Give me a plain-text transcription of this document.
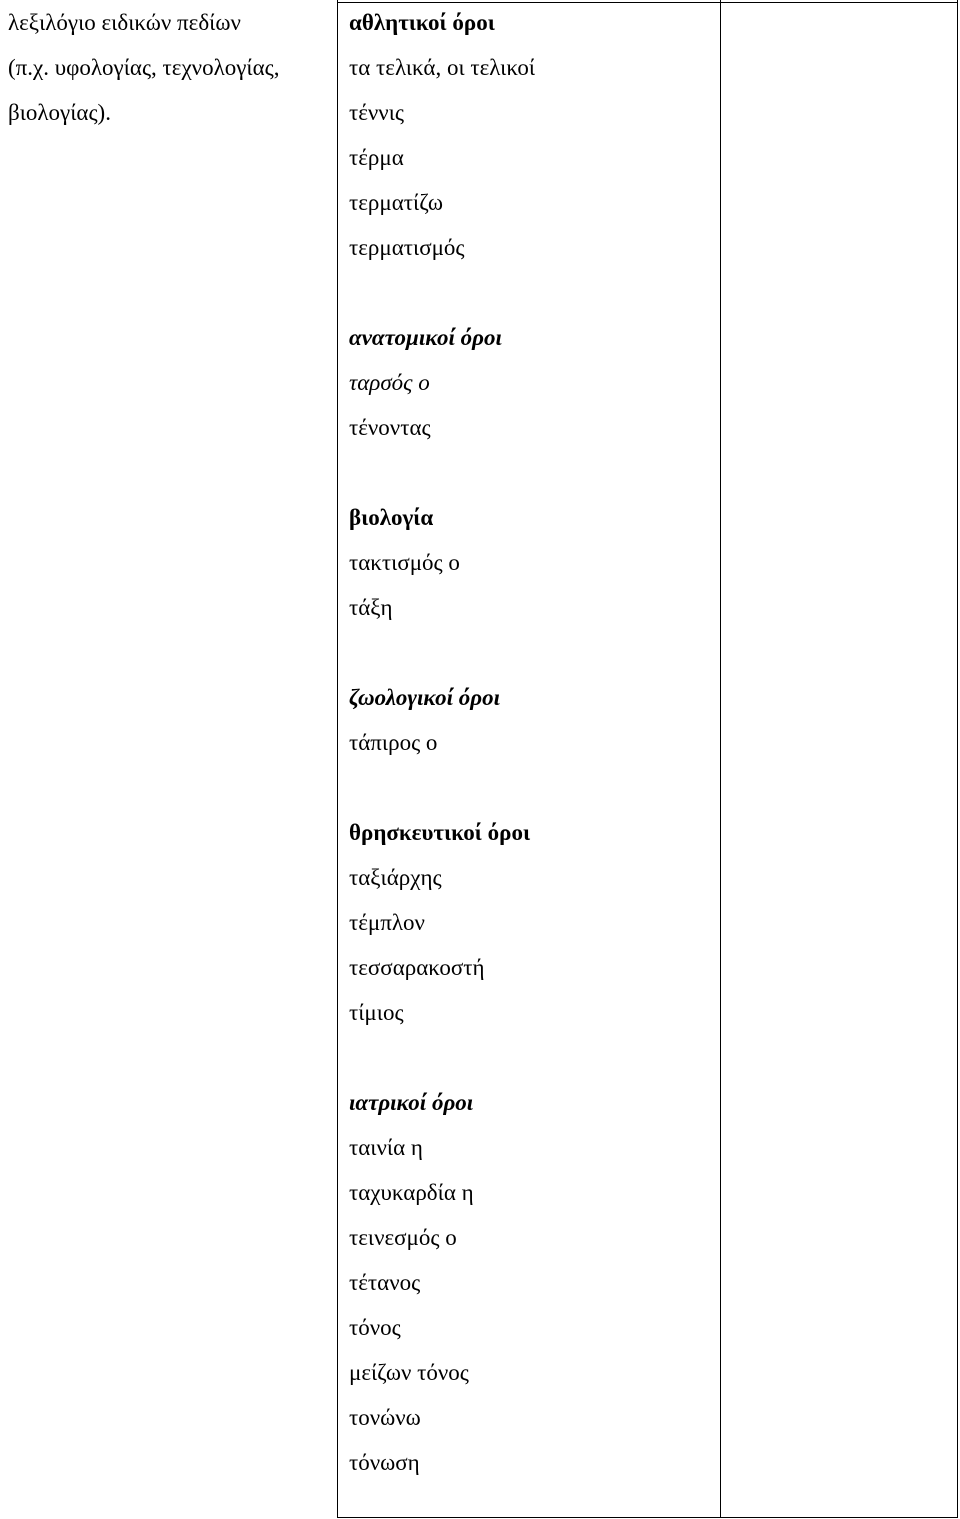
λεξιλόγιο ειδικών πεδίων
(π.χ. υφολογίας, τεχνολογίας,
βιολογίας).
αθλητικοί όροι
τα τελικά, οι τελικοί
τέννις
τέρμα
τερματίζω
τερματισμός
ανατομικοί όροι
ταρσός ο
τένοντας
βιολογία
τακτισμός ο
τάξη
ζωολογικοί όροι
τάπιρος ο
θρησκευτικοί όροι
ταξιάρχης
τέμπλον
τεσσαρακοστή
τίμιος
ιατρικοί όροι
ταινία η
ταχυκαρδία η
τεινεσμός ο
τέτανος
τόνος
μείζων τόνος
τονώνω
τόνωση
